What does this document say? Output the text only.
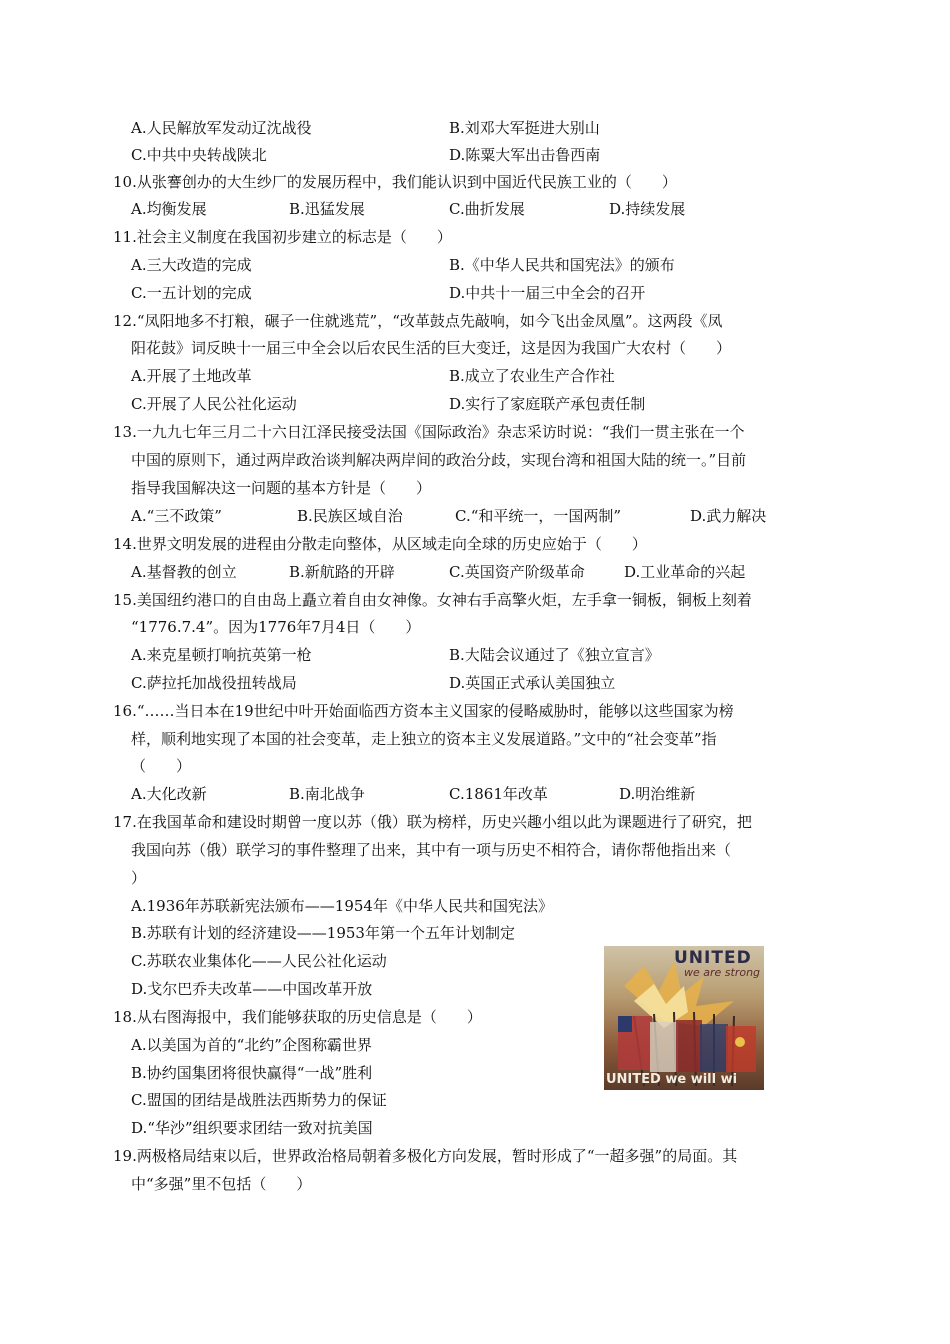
A.人民解放军发动辽沈战役	B.刘邓大军挺进大别山
C.中共中央转战陕北	D.陈粟大军出击鲁西南
10.从张謇创办的大生纱厂的发展历程中，我们能认识到中国近代民族工业的（　　）
A.均衡发展	B.迅猛发展	C.曲折发展	D.持续发展
11.社会主义制度在我国初步建立的标志是（　　）
A.三大改造的完成	B.《中华人民共和国宪法》的颁布
C.一五计划的完成	D.中共十一届三中全会的召开
12.“凤阳地多不打粮，碾子一住就逃荒”，“改革鼓点先敲响，如今飞出金凤凰”。这两段《凤
阳花鼓》词反映十一届三中全会以后农民生活的巨大变迁，这是因为我国广大农村（　　）
A.开展了土地改革	B.成立了农业生产合作社
C.开展了人民公社化运动	D.实行了家庭联产承包责任制
13.一九九七年三月二十六日江泽民接受法国《国际政治》杂志采访时说：“我们一贯主张在一个
中国的原则下，通过两岸政治谈判解决两岸间的政治分歧，实现台湾和祖国大陆的统一。”目前
指导我国解决这一问题的基本方针是（　　）
A.“三不政策”	B.民族区域自治	C.“和平统一，一国两制”	D.武力解决
14.世界文明发展的进程由分散走向整体，从区域走向全球的历史应始于（　　）
A.基督教的创立	B.新航路的开辟	C.英国资产阶级革命	D.工业革命的兴起
15.美国纽约港口的自由岛上矗立着自由女神像。女神右手高擎火炬，左手拿一铜板，铜板上刻着
“1776.7.4”。因为1776年7月4日（　　）
A.来克星顿打响抗英第一枪	B.大陆会议通过了《独立宣言》
C.萨拉托加战役扭转战局	D.英国正式承认美国独立
16.“……当日本在19世纪中叶开始面临西方资本主义国家的侵略威胁时，能够以这些国家为榜
样，顺利地实现了本国的社会变革，走上独立的资本主义发展道路。”文中的“社会变革”指
（　　）
A.大化改新	B.南北战争	C.1861年改革	D.明治维新
17.在我国革命和建设时期曾一度以苏（俄）联为榜样，历史兴趣小组以此为课题进行了研究，把
我国向苏（俄）联学习的事件整理了出来，其中有一项与历史不相符合，请你帮他指出来（
）
A.1936年苏联新宪法颁布——1954年《中华人民共和国宪法》
B.苏联有计划的经济建设——1953年第一个五年计划制定
C.苏联农业集体化——人民公社化运动
D.戈尔巴乔夫改革——中国改革开放
18.从右图海报中，我们能够获取的历史信息是（　　）
A.以美国为首的“北约”企图称霸世界
B.协约国集团将很快赢得“一战”胜利
C.盟国的团结是战胜法西斯势力的保证
D.“华沙”组织要求团结一致对抗美国
19.两极格局结束以后，世界政治格局朝着多极化方向发展，暂时形成了“一超多强”的局面。其
中“多强”里不包括（　　）
UNITED
we are strong
UNITED we will wi
